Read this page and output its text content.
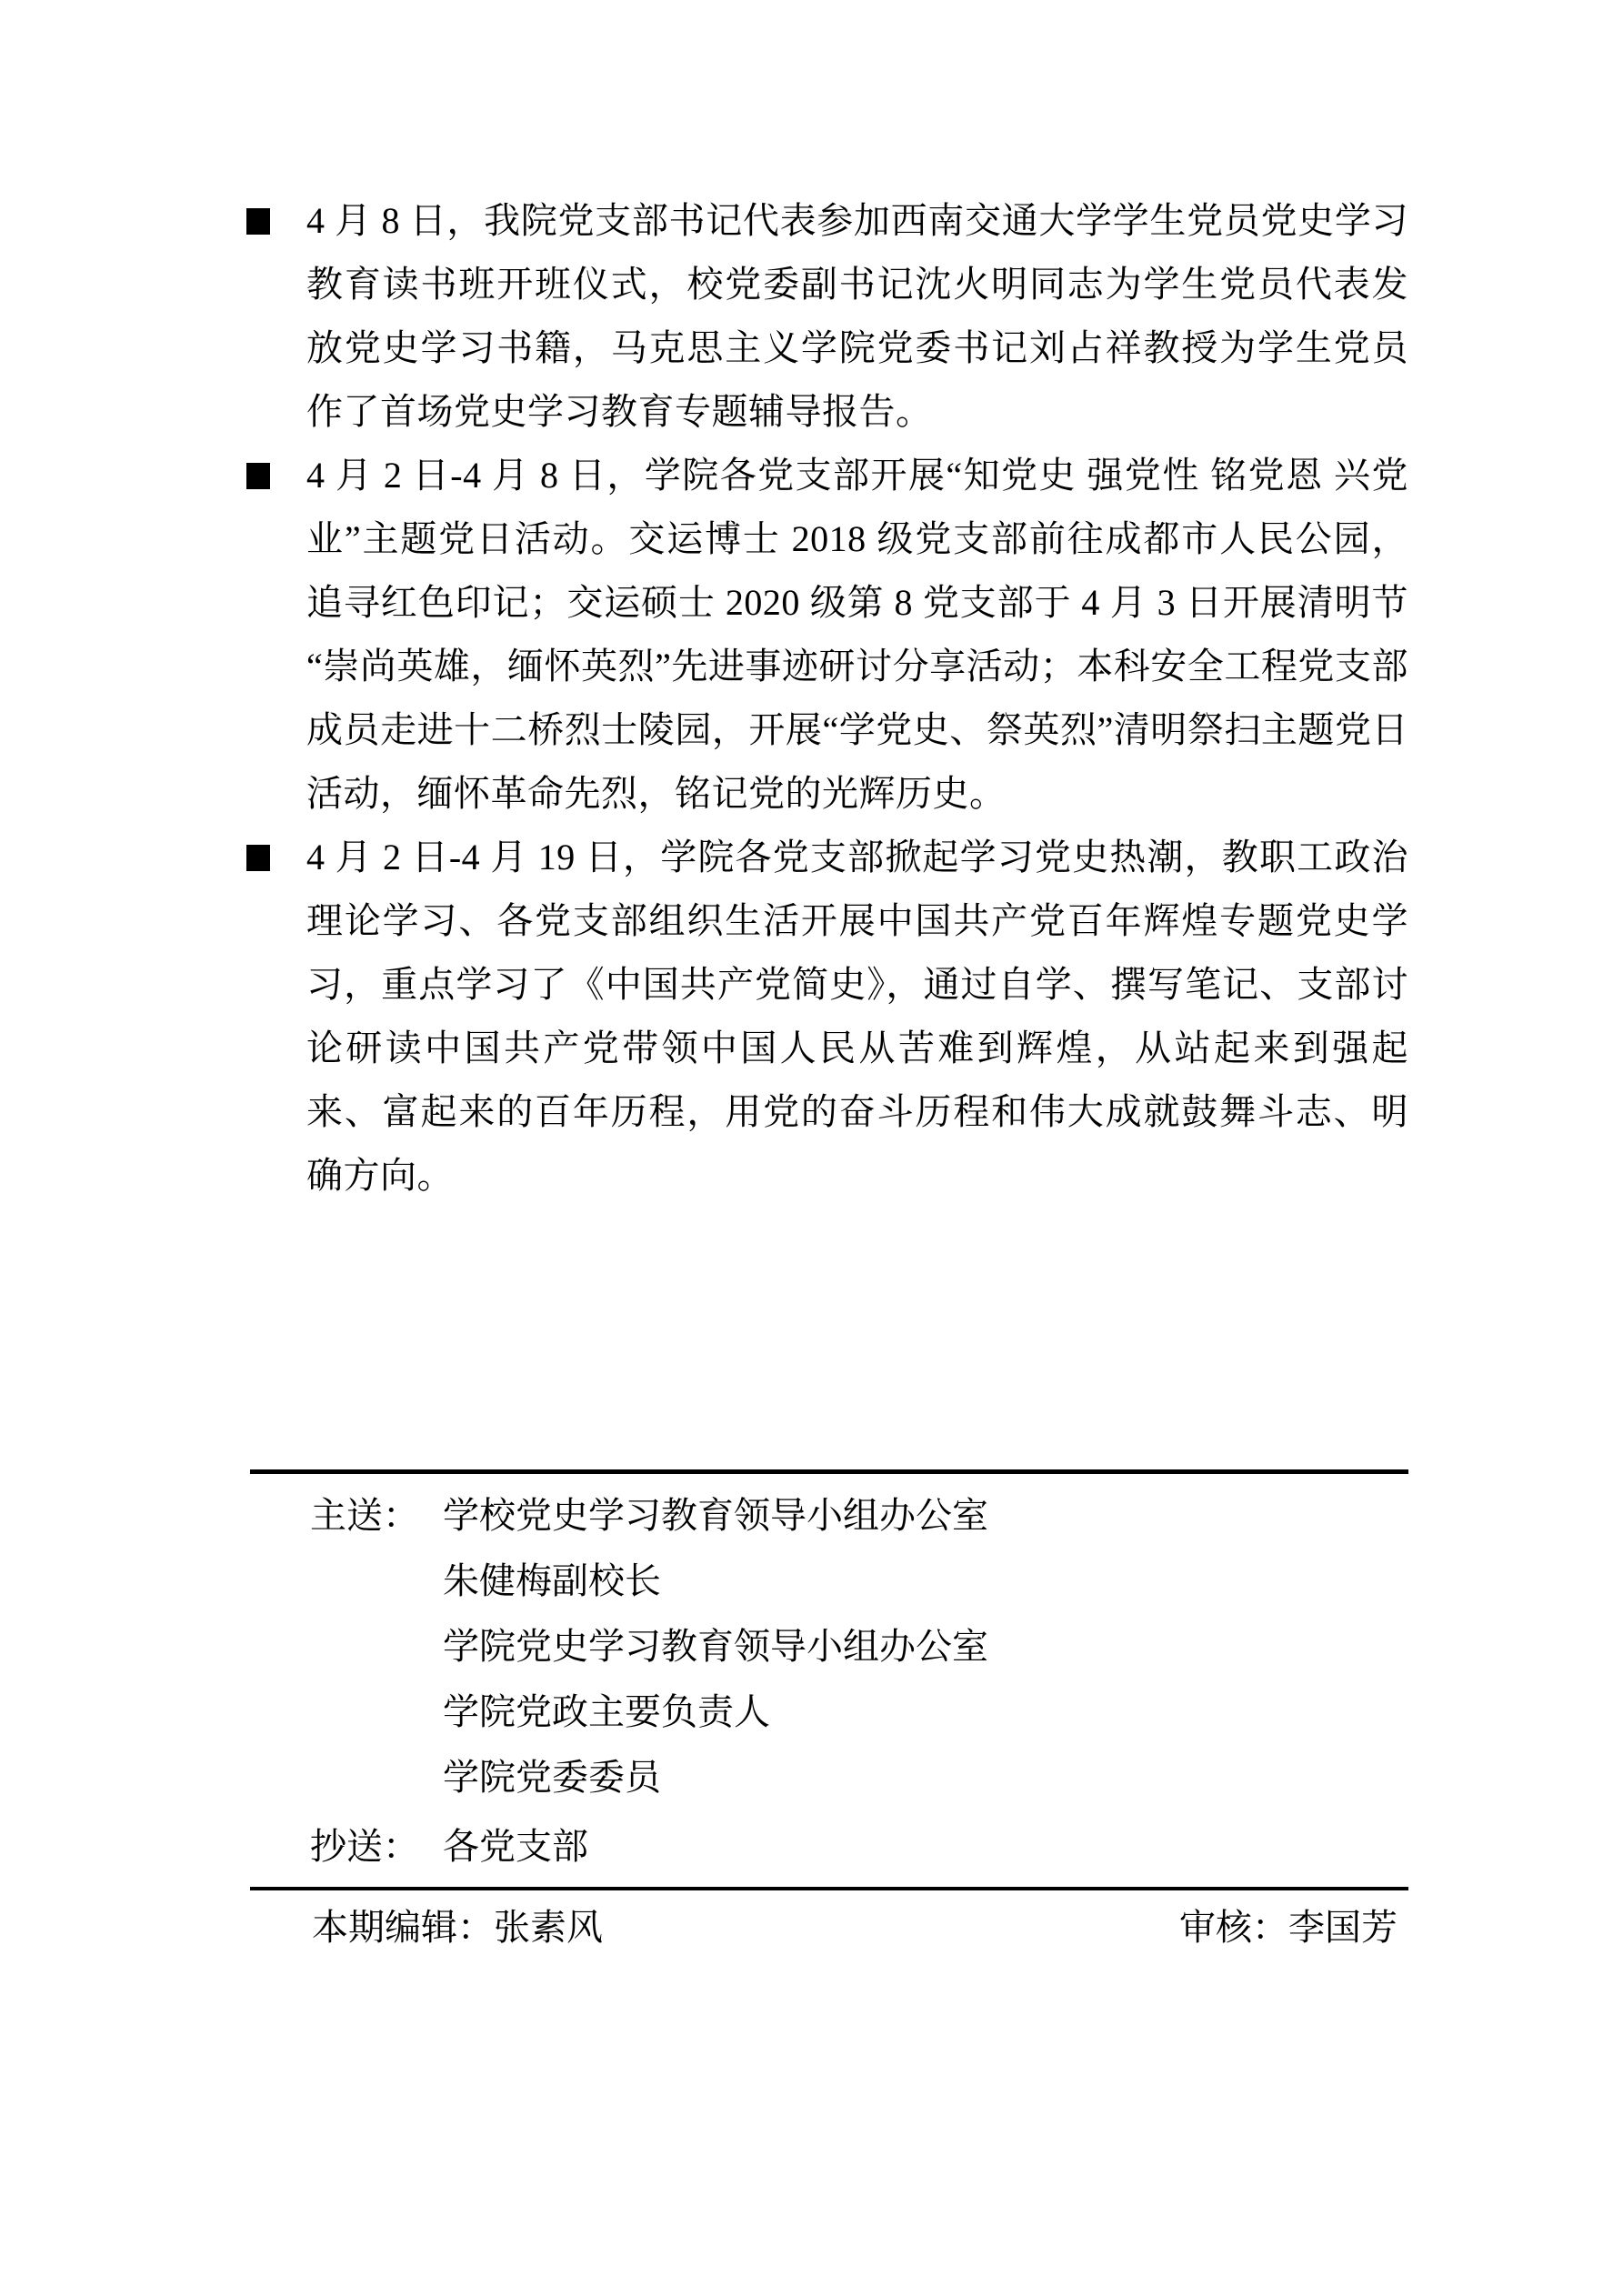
4 月 8 日，我院党支部书记代表参加西南交通大学学生党员党史学习教育读书班开班仪式，校党委副书记沈火明同志为学生党员代表发放党史学习书籍，马克思主义学院党委书记刘占祥教授为学生党员作了首场党史学习教育专题辅导报告。

4 月 2 日-4 月 8 日，学院各党支部开展“知党史 强党性 铭党恩 兴党业”主题党日活动。交运博士 2018 级党支部前往成都市人民公园，追寻红色印记；交运硕士 2020 级第 8 党支部于 4 月 3 日开展清明节“崇尚英雄，缅怀英烈”先进事迹研讨分享活动；本科安全工程党支部成员走进十二桥烈士陵园，开展“学党史、祭英烈”清明祭扫主题党日活动，缅怀革命先烈，铭记党的光辉历史。

4 月 2 日-4 月 19 日，学院各党支部掀起学习党史热潮，教职工政治理论学习、各党支部组织生活开展中国共产党百年辉煌专题党史学习，重点学习了《中国共产党简史》，通过自学、撰写笔记、支部讨论研读中国共产党带领中国人民从苦难到辉煌，从站起来到强起来、富起来的百年历程，用党的奋斗历程和伟大成就鼓舞斗志、明确方向。

主送： 学校党史学习教育领导小组办公室
朱健梅副校长
学院党史学习教育领导小组办公室
学院党政主要负责人
学院党委委员
抄送： 各党支部
本期编辑：张素风	审核：李国芳
